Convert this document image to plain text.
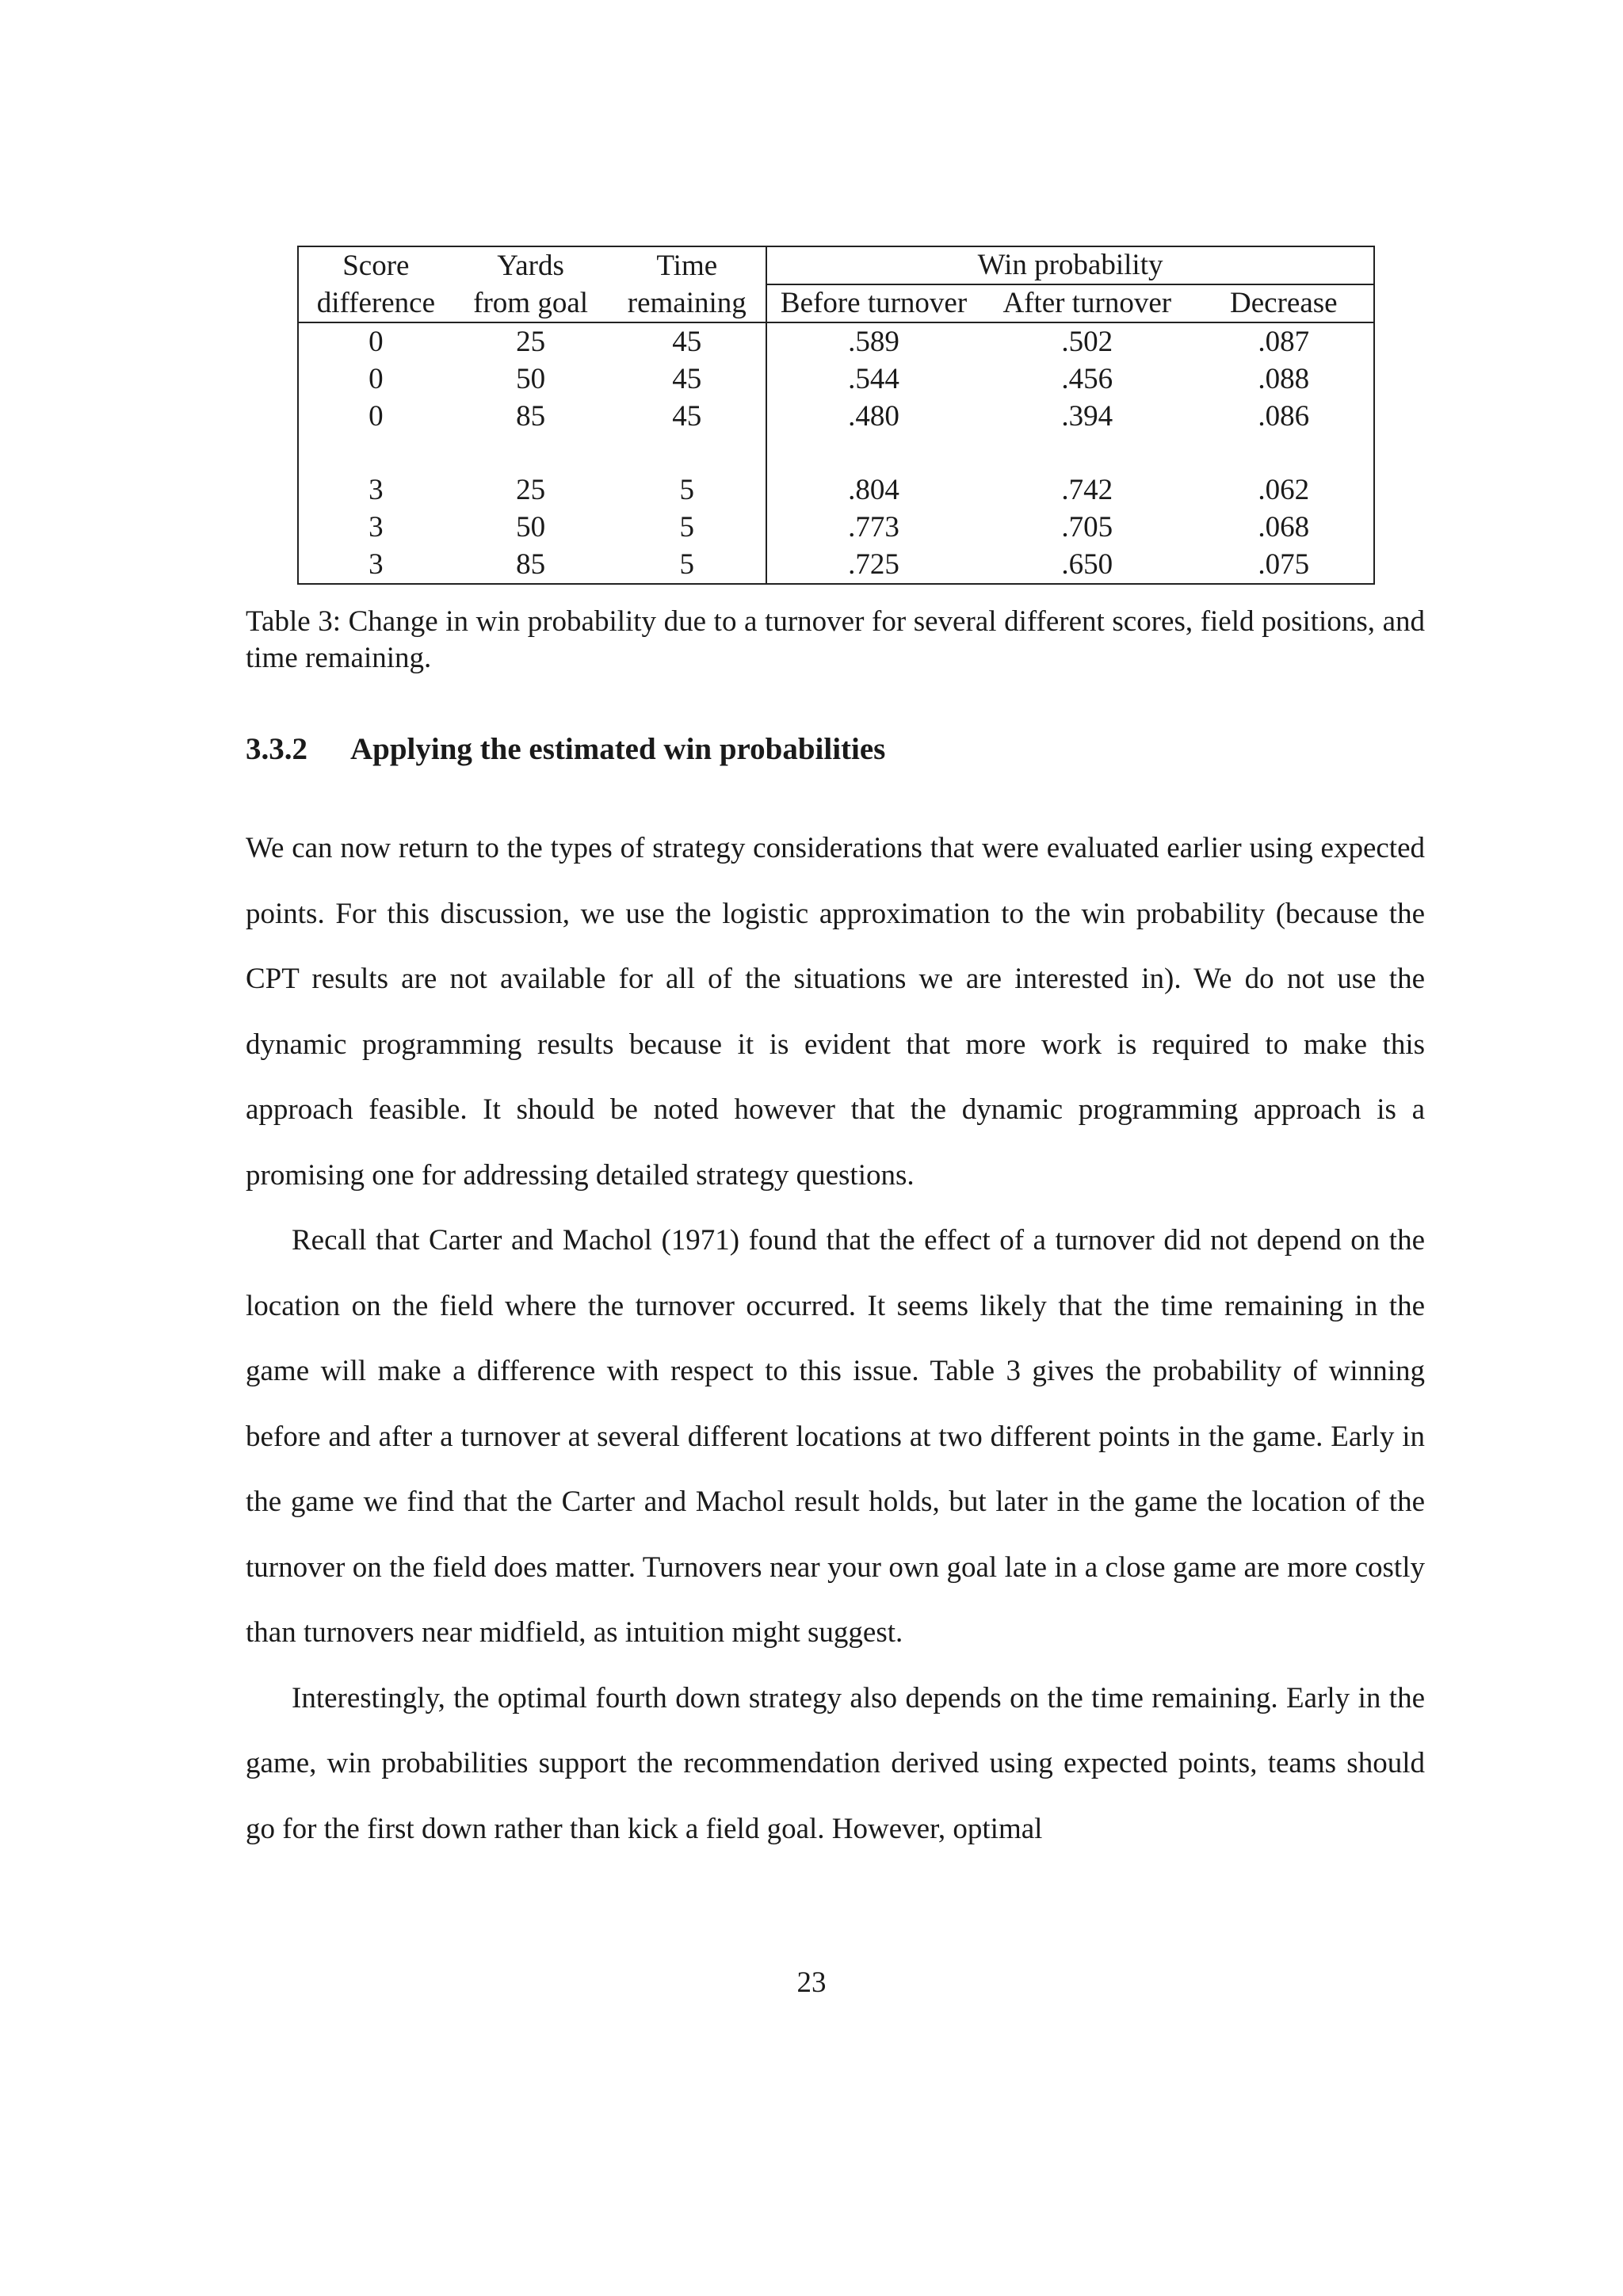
Score	Yards	Time	Win probability		
difference	from goal	remaining	Before turnover	After turnover	Decrease
0	25	45	.589	.502	.087
0	50	45	.544	.456	.088
0	85	45	.480	.394	.086

3	25	5	.804	.742	.062
3	50	5	.773	.705	.068
3	85	5	.725	.650	.075
Table 3: Change in win probability due to a turnover for several different scores, field positions, and time remaining.
3.3.2 Applying the estimated win probabilities

We can now return to the types of strategy considerations that were evaluated earlier using expected points. For this discussion, we use the logistic approximation to the win probability (because the CPT results are not available for all of the situations we are interested in). We do not use the dynamic programming results because it is evident that more work is required to make this approach feasible. It should be noted however that the dynamic programming approach is a promising one for addressing detailed strategy questions.

Recall that Carter and Machol (1971) found that the effect of a turnover did not depend on the location on the field where the turnover occurred. It seems likely that the time remaining in the game will make a difference with respect to this issue. Table 3 gives the probability of winning before and after a turnover at several different locations at two different points in the game. Early in the game we find that the Carter and Machol result holds, but later in the game the location of the turnover on the field does matter. Turnovers near your own goal late in a close game are more costly than turnovers near midfield, as intuition might suggest.

Interestingly, the optimal fourth down strategy also depends on the time remaining. Early in the game, win probabilities support the recommendation derived using expected points, teams should go for the first down rather than kick a field goal. However, optimal

23
